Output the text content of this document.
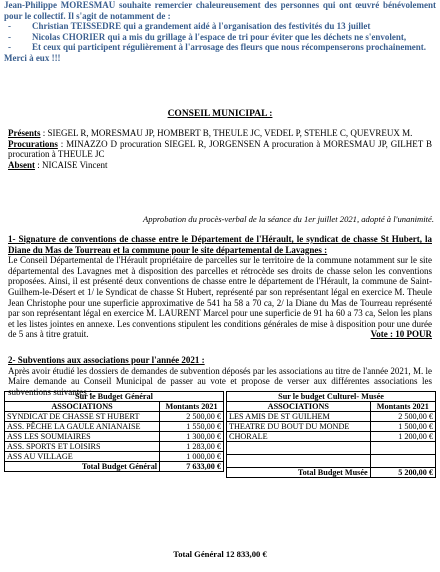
Jean-Philippe MORESMAU souhaite remercier chaleureusement des personnes qui ont œuvré bénévolement pour le collectif. Il s'agit de notamment de :
- Christian TEISSEDRE qui a grandement aidé à l'organisation des festivités du 13 juillet
- Nicolas CHORIER qui a mis du grillage à l'espace de tri pour éviter que les déchets ne s'envolent,
- Et ceux qui participent régulièrement à l'arrosage des fleurs que nous récompenserons prochainement.
Merci à eux !!!
CONSEIL MUNICIPAL :
Présents : SIEGEL R, MORESMAU JP, HOMBERT B, THEULE JC, VEDEL P, STEHLE C, QUEVREUX M.
Procurations : MINAZZO D procuration SIEGEL R, JORGENSEN A procuration à MORESMAU JP, GILHET B procuration à THEULE JC
Absent : NICAISE Vincent
Approbation du procès-verbal de la séance du 1er juillet 2021, adopté à l'unanimité.
1- Signature de conventions de chasse entre le Département de l'Hérault, le syndicat de chasse St Hubert, la Diane du Mas de Tourreau et la commune pour le site départemental de Lavagnes :
Le Conseil Départemental de l'Hérault propriétaire de parcelles sur le territoire de la commune notamment sur le site départemental des Lavagnes met à disposition des parcelles et rétrocède ses droits de chasse selon les conventions proposées. Ainsi, il est présenté deux conventions de chasse entre le département de l'Hérault, la commune de Saint-Guilhem-le-Désert et 1/ le Syndicat de chasse St Hubert, représenté par son représentant légal en exercice M. Theule Jean Christophe pour une superficie approximative de 541 ha 58 a 70 ca, 2/ la Diane du Mas de Tourreau représenté par son représentant légal en exercice M. LAURENT Marcel pour une superficie de 91 ha 60 a 73 ca, Selon les plans et les listes jointes en annexe. Les conventions stipulent les conditions générales de mise à disposition pour une durée de 5 ans à titre gratuit.	Vote : 10 POUR
2- Subventions aux associations pour l'année 2021 :
Après avoir étudié les dossiers de demandes de subvention déposés par les associations au titre de l'année 2021, M. le Maire demande au Conseil Municipal de passer au vote et propose de verser aux différentes associations les subventions suivantes :
Sur le Budget Général	
ASSOCIATIONS	Montants 2021
SYNDICAT DE CHASSE ST HUBERT	2 500,00 €
ASS. PÊCHE LA GAULE ANIANAISE	1 550,00 €
ASS LES SOUMIAIRES	1 300,00 €
ASS. SPORTS ET LOISIRS	1 283,00 €
ASS AU VILLAGE	1 000,00 €
Total Budget Général	7 633,00 €
Sur le budget Culturel- Musée	
ASSOCIATIONS	Montants 2021
LES AMIS DE ST GUILHEM	2 500,00 €
THEATRE DU BOUT DU MONDE	1 500,00 €
CHORALE	1 200,00 €

Total Budget Musée	5 200,00 €
Total Général 12 833,00 €
